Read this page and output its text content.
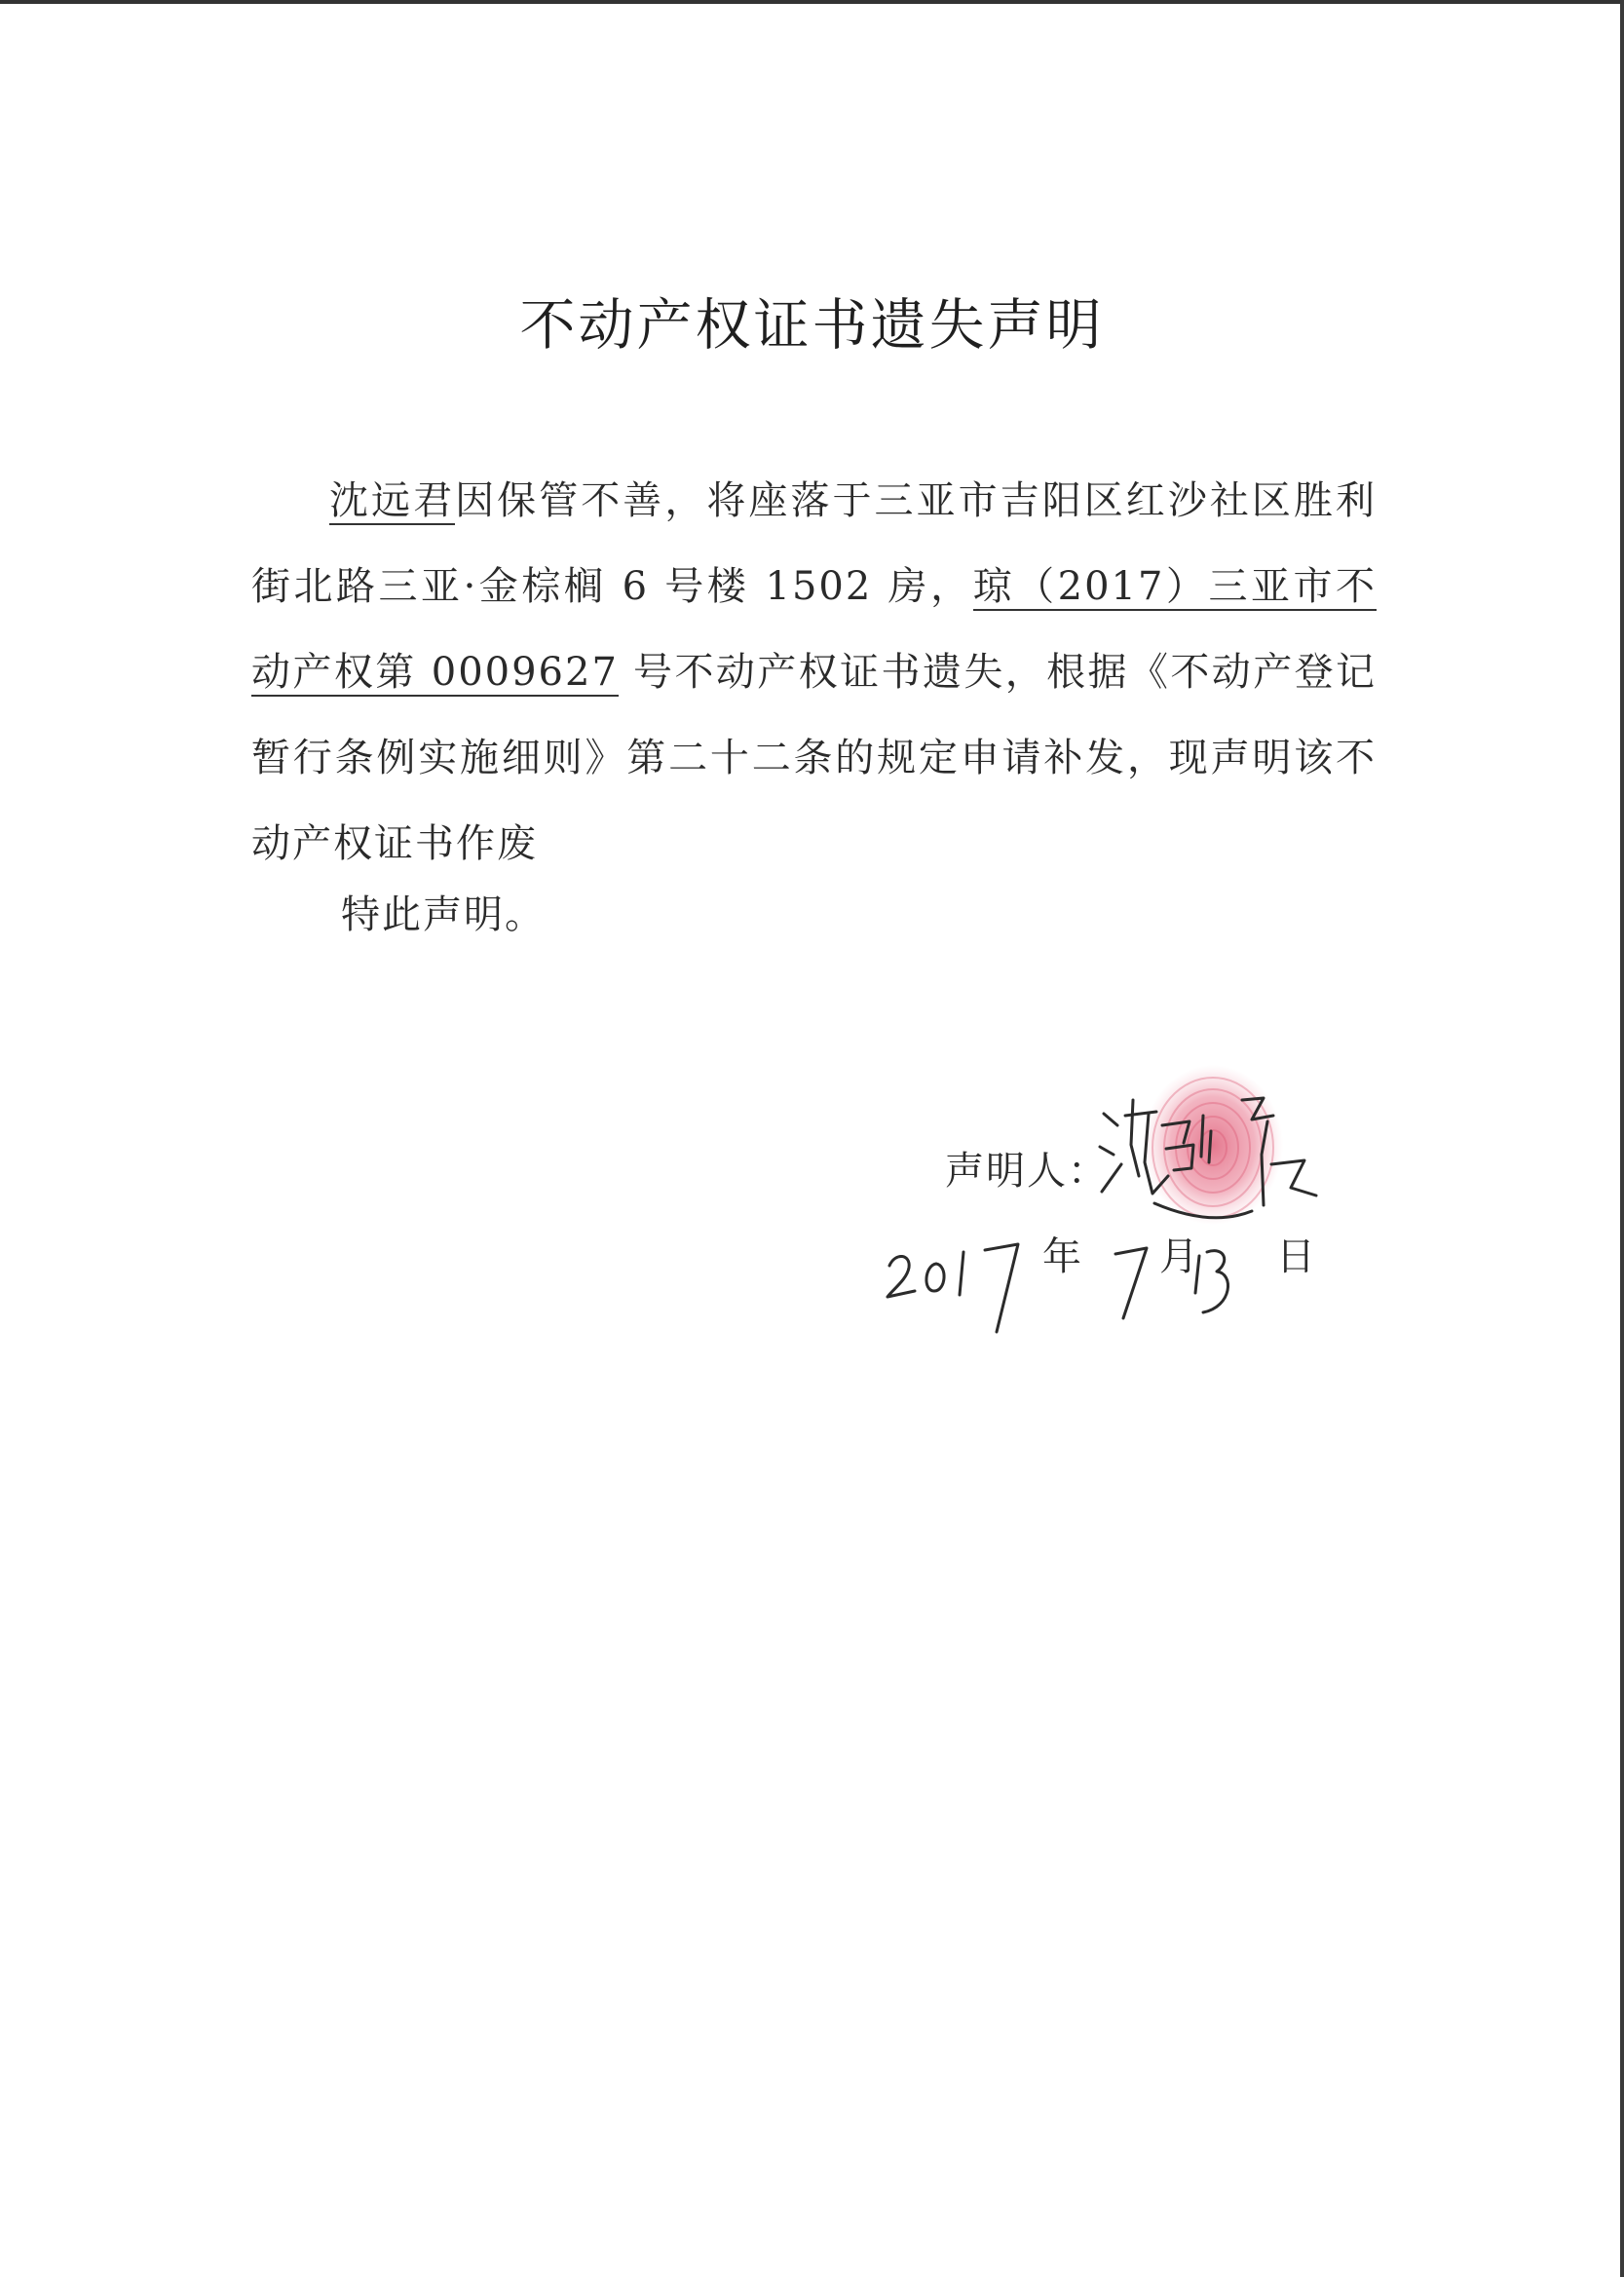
不动产权证书遗失声明
沈远君因保管不善，将座落于三亚市吉阳区红沙社区胜利街北路三亚·金棕榈 6 号楼 1502 房，琼（2017）三亚市不动产权第 0009627 号不动产权证书遗失，根据《不动产登记暂行条例实施细则》第二十二条的规定申请补发，现声明该不动产权证书作废
特此声明。
声明人：
年 月 日
